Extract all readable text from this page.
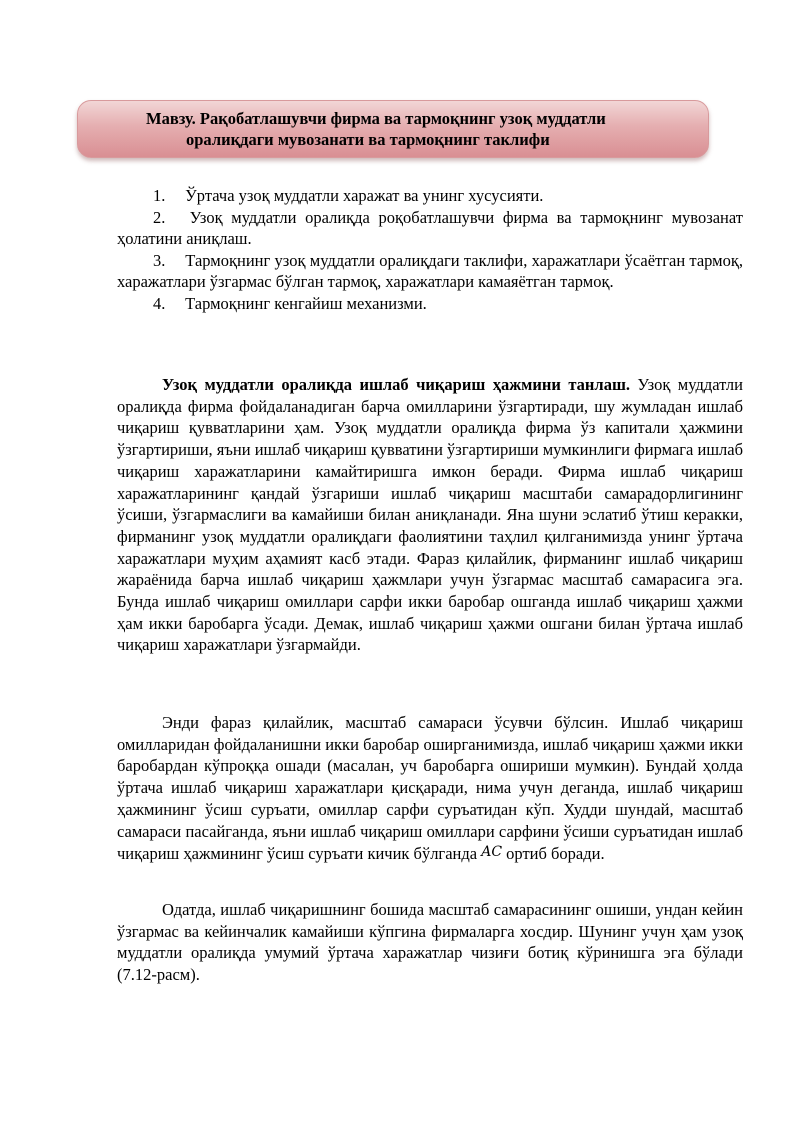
Мавзу. Рақобатлашувчи фирма ва тармоқнинг узоқ муддатли
оралиқдаги мувозанати ва тармоқнинг таклифи

1. Ўртача узоқ муддатли харажат ва унинг хусусияти.

2. Узоқ муддатли оралиқда роқобатлашувчи фирма ва тармоқнинг мувозанат ҳолатини аниқлаш.

3. Тармоқнинг узоқ муддатли оралиқдаги таклифи, харажатлари ўсаётган тармоқ, харажатлари ўзгармас бўлган тармоқ, харажатлари камаяётган тармоқ.

4. Тармоқнинг кенгайиш механизми.

Узоқ муддатли оралиқда ишлаб чиқариш ҳажмини танлаш. Узоқ муддатли оралиқда фирма фойдаланадиган барча омилларини ўзгартиради, шу жумладан ишлаб чиқариш қувватларини ҳам. Узоқ муддатли оралиқда фирма ўз капитали ҳажмини ўзгартириши, яъни ишлаб чиқариш қувватини ўзгартириши мумкинлиги фирмага ишлаб чиқариш харажатларини камайтиришга имкон беради. Фирма ишлаб чиқариш харажатларининг қандай ўзгариши ишлаб чиқариш масштаби самарадорлигининг ўсиши, ўзгармаслиги ва камайиши билан аниқланади. Яна шуни эслатиб ўтиш керакки, фирманинг узоқ муддатли оралиқдаги фаолиятини таҳлил қилганимизда унинг ўртача харажатлари муҳим аҳамият касб этади. Фараз қилайлик, фирманинг ишлаб чиқариш жараёнида барча ишлаб чиқариш ҳажмлари учун ўзгармас масштаб самарасига эга. Бунда ишлаб чиқариш омиллари сарфи икки баробар ошганда ишлаб чиқариш ҳажми ҳам икки баробарга ўсади. Демак, ишлаб чиқариш ҳажми ошгани билан ўртача ишлаб чиқариш харажатлари ўзгармайди.

Энди фараз қилайлик, масштаб самараси ўсувчи бўлсин. Ишлаб чиқариш омилларидан фойдаланишни икки баробар оширганимизда, ишлаб чиқариш ҳажми икки баробардан кўпроққа ошади (масалан, уч баробарга ошириши мумкин). Бундай ҳолда ўртача ишлаб чиқариш харажатлари қисқаради, нима учун деганда, ишлаб чиқариш ҳажмининг ўсиш суръати, омиллар сарфи суръатидан кўп. Худди шундай, масштаб самараси пасайганда, яъни ишлаб чиқариш омиллари сарфини ўсиши суръатидан ишлаб чиқариш ҳажмининг ўсиш суръати кичик бўлганда AC ортиб боради.

Одатда, ишлаб чиқаришнинг бошида масштаб самарасининг ошиши, ундан кейин ўзгармас ва кейинчалик камайиши кўпгина фирмаларга хосдир. Шунинг учун ҳам узоқ муддатли оралиқда умумий ўртача харажатлар чизиғи ботиқ кўринишга эга бўлади (7.12-расм).
